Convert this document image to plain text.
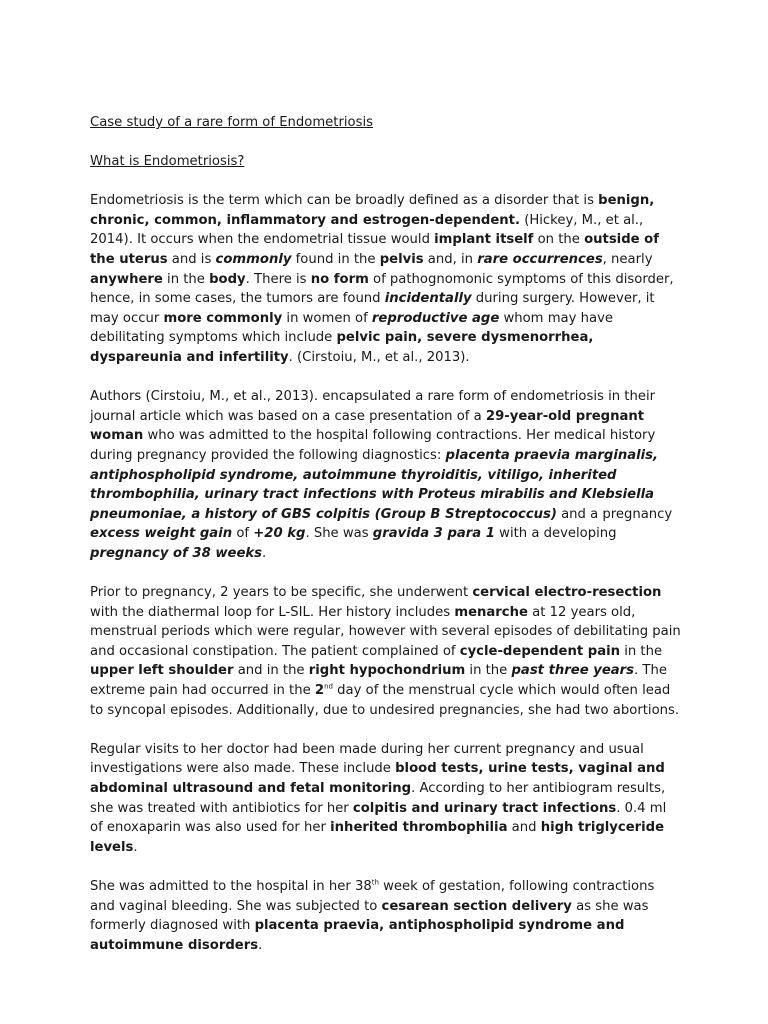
Case study of a rare form of Endometriosis
What is Endometriosis?

Endometriosis is the term which can be broadly defined as a disorder that is benign, chronic, common, inflammatory and estrogen-dependent. (Hickey, M., et al., 2014). It occurs when the endometrial tissue would implant itself on the outside of the uterus and is commonly found in the pelvis and, in rare occurrences, nearly anywhere in the body. There is no form of pathognomonic symptoms of this disorder, hence, in some cases, the tumors are found incidentally during surgery. However, it may occur more commonly in women of reproductive age whom may have debilitating symptoms which include pelvic pain, severe dysmenorrhea, dyspareunia and infertility. (Cirstoiu, M., et al., 2013).

Authors (Cirstoiu, M., et al., 2013). encapsulated a rare form of endometriosis in their journal article which was based on a case presentation of a 29-year-old pregnant woman who was admitted to the hospital following contractions. Her medical history during pregnancy provided the following diagnostics: placenta praevia marginalis, antiphospholipid syndrome, autoimmune thyroiditis, vitiligo, inherited thrombophilia, urinary tract infections with Proteus mirabilis and Klebsiella pneumoniae, a history of GBS colpitis (Group B Streptococcus) and a pregnancy excess weight gain of +20 kg. She was gravida 3 para 1 with a developing pregnancy of 38 weeks.

Prior to pregnancy, 2 years to be specific, she underwent cervical electro-resection with the diathermal loop for L-SIL. Her history includes menarche at 12 years old, menstrual periods which were regular, however with several episodes of debilitating pain and occasional constipation. The patient complained of cycle-dependent pain in the upper left shoulder and in the right hypochondrium in the past three years. The extreme pain had occurred in the 2nd day of the menstrual cycle which would often lead to syncopal episodes. Additionally, due to undesired pregnancies, she had two abortions.

Regular visits to her doctor had been made during her current pregnancy and usual investigations were also made. These include blood tests, urine tests, vaginal and abdominal ultrasound and fetal monitoring. According to her antibiogram results, she was treated with antibiotics for her colpitis and urinary tract infections. 0.4 ml of enoxaparin was also used for her inherited thrombophilia and high triglyceride levels.

She was admitted to the hospital in her 38th week of gestation, following contractions and vaginal bleeding. She was subjected to cesarean section delivery as she was formerly diagnosed with placenta praevia, antiphospholipid syndrome and autoimmune disorders.
